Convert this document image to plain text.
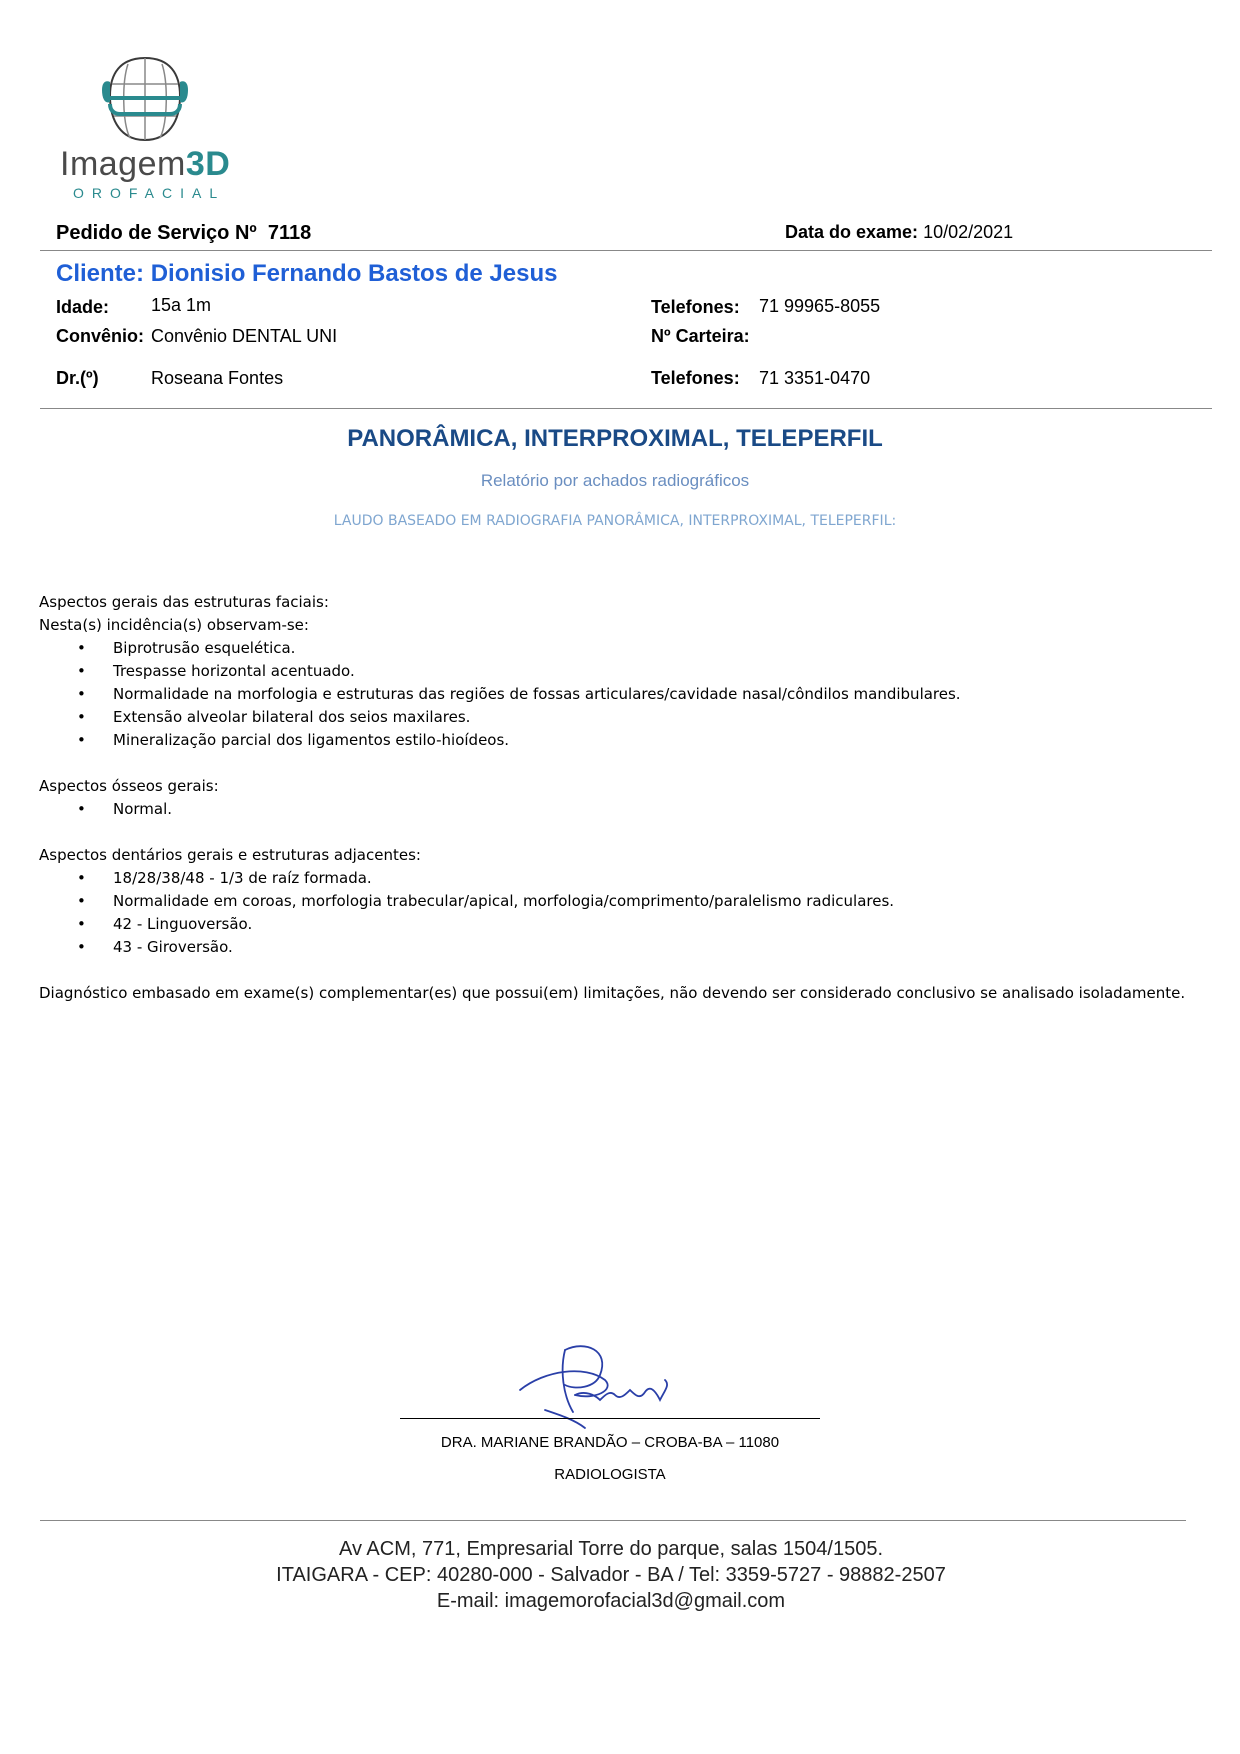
Imagem3D
OROFACIAL
Pedido de Serviço Nº 7118	Data do exame: 10/02/2021
Cliente: Dionisio Fernando Bastos de Jesus
Idade: 15a 1m	Telefones: 71 99965-8055
Convênio: Convênio DENTAL UNI	Nº Carteira:
Dr.(º)	Roseana Fontes	Telefones: 71 3351-0470
PANORÂMICA, INTERPROXIMAL, TELEPERFIL
Relatório por achados radiográficos
LAUDO BASEADO EM RADIOGRAFIA PANORÂMICA, INTERPROXIMAL, TELEPERFIL:
Aspectos gerais das estruturas faciais:
Nesta(s) incidência(s) observam-se:
• Biprotrusão esquelética.
• Trespasse horizontal acentuado.
• Normalidade na morfologia e estruturas das regiões de fossas articulares/cavidade nasal/côndilos mandibulares.
• Extensão alveolar bilateral dos seios maxilares.
• Mineralização parcial dos ligamentos estilo-hioídeos.
Aspectos ósseos gerais:
• Normal.
Aspectos dentários gerais e estruturas adjacentes:
• 18/28/38/48 - 1/3 de raíz formada.
• Normalidade em coroas, morfologia trabecular/apical, morfologia/comprimento/paralelismo radiculares.
• 42 - Linguoversão.
• 43 - Giroversão.
Diagnóstico embasado em exame(s) complementar(es) que possui(em) limitações, não devendo ser considerado conclusivo se analisado isoladamente.
DRA. MARIANE BRANDÃO – CROBA-BA – 11080
RADIOLOGISTA
Av ACM, 771, Empresarial Torre do parque, salas 1504/1505.
ITAIGARA - CEP: 40280-000 - Salvador - BA / Tel: 3359-5727 - 98882-2507
E-mail: imagemorofacial3d@gmail.com
